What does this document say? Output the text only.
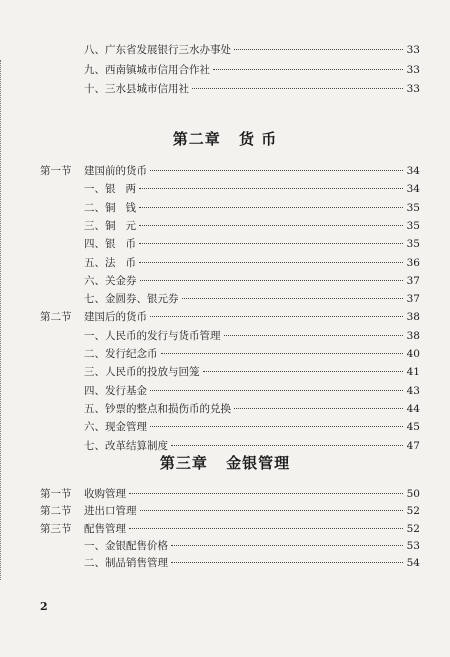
八、广东省发展银行三水办事处	33
九、西南镇城市信用合作社	33
十、三水县城市信用社	33
第二章 货 币
第一节	建国前的货币	34
一、银   两	34
二、铜   钱	35
三、铜   元	35
四、银   币	35
五、法   币	36
六、关金券	37
七、金圆券、银元券	37
第二节	建国后的货币	38
一、人民币的发行与货币管理	38
二、发行纪念币	40
三、人民币的投放与回笼	41
四、发行基金	43
五、钞票的整点和损伤币的兑换	44
六、现金管理	45
七、改革结算制度	47
第三章 金银管理
第一节	收购管理	50
第二节	进出口管理	52
第三节	配售管理	52
一、金银配售价格	53
二、制品销售管理	54
2
